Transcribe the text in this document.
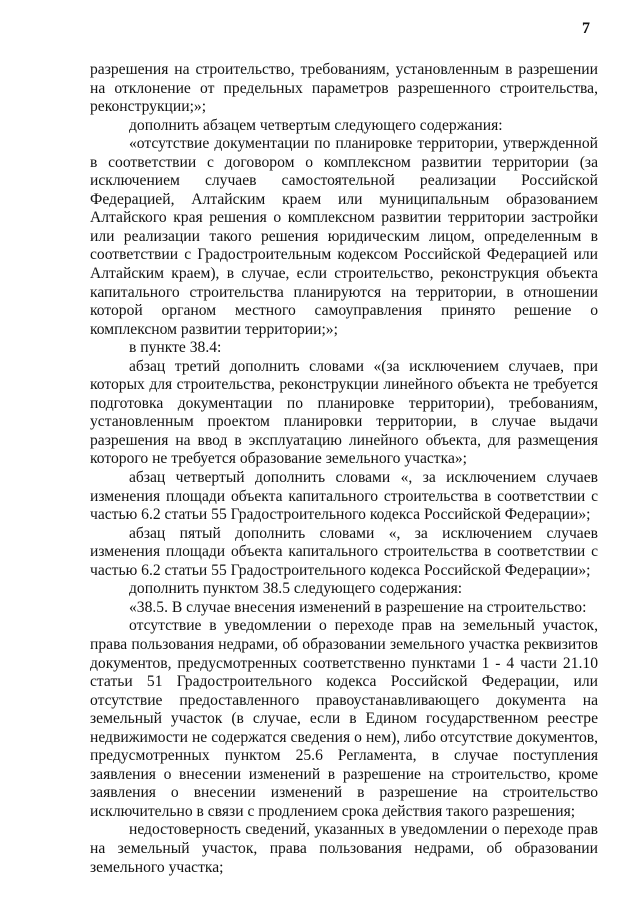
7

разрешения на строительство, требованиям, установленным в разрешении на отклонение от предельных параметров разрешенного строительства, реконструкции;»;

дополнить абзацем четвертым следующего содержания:

«отсутствие документации по планировке территории, утвержденной в соответствии с договором о комплексном развитии территории (за исключением случаев самостоятельной реализации Российской Федерацией, Алтайским краем или муниципальным образованием Алтайского края решения о комплексном развитии территории застройки или реализации такого решения юридическим лицом, определенным в соответствии с Градостроительным кодексом Российской Федерацией или Алтайским краем), в случае, если строительство, реконструкция объекта капитального строительства планируются на территории, в отношении которой органом местного самоуправления принято решение о комплексном развитии территории;»;

в пункте 38.4:

абзац третий дополнить словами «(за исключением случаев, при которых для строительства, реконструкции линейного объекта не требуется подготовка документации по планировке территории), требованиям, установленным проектом планировки территории, в случае выдачи разрешения на ввод в эксплуатацию линейного объекта, для размещения которого не требуется образование земельного участка»;

абзац четвертый дополнить словами «, за исключением случаев изменения площади объекта капитального строительства в соответствии с частью 6.2 статьи 55 Градостроительного кодекса Российской Федерации»;

абзац пятый дополнить словами «, за исключением случаев изменения площади объекта капитального строительства в соответствии с частью 6.2 статьи 55 Градостроительного кодекса Российской Федерации»;

дополнить пунктом 38.5 следующего содержания:

«38.5. В случае внесения изменений в разрешение на строительство:

отсутствие в уведомлении о переходе прав на земельный участок, права пользования недрами, об образовании земельного участка реквизитов документов, предусмотренных соответственно пунктами 1 - 4 части 21.10 статьи 51 Градостроительного кодекса Российской Федерации, или отсутствие предоставленного правоустанавливающего документа на земельный участок (в случае, если в Едином государственном реестре недвижимости не содержатся сведения о нем), либо отсутствие документов, предусмотренных пунктом 25.6 Регламента, в случае поступления заявления о внесении изменений в разрешение на строительство, кроме заявления о внесении изменений в разрешение на строительство исключительно в связи с продлением срока действия такого разрешения;

недостоверность сведений, указанных в уведомлении о переходе прав на земельный участок, права пользования недрами, об образовании земельного участка;
